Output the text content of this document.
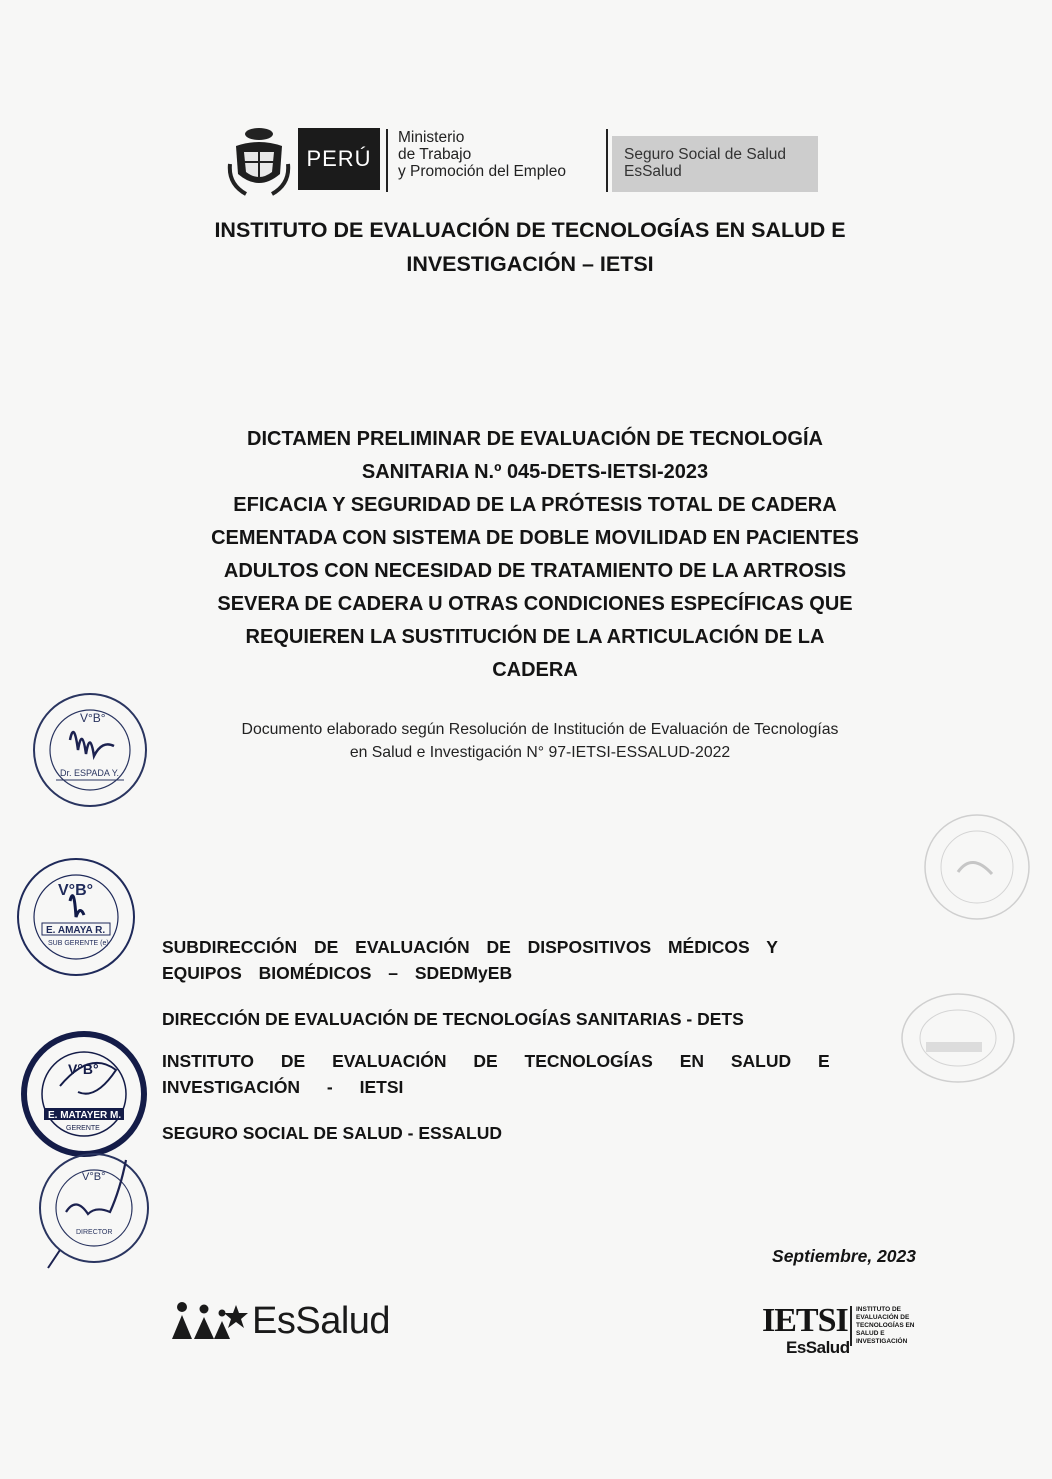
PERÚ
Ministerio
de Trabajo
y Promoción del Empleo
Seguro Social de Salud
EsSalud
INSTITUTO DE EVALUACIÓN DE TECNOLOGÍAS EN SALUD E
INVESTIGACIÓN – IETSI
DICTAMEN PRELIMINAR DE EVALUACIÓN DE TECNOLOGÍA
SANITARIA N.º 045-DETS-IETSI-2023
EFICACIA Y SEGURIDAD DE LA PRÓTESIS TOTAL DE CADERA
CEMENTADA CON SISTEMA DE DOBLE MOVILIDAD EN PACIENTES
ADULTOS CON NECESIDAD DE TRATAMIENTO DE LA ARTROSIS
SEVERA DE CADERA U OTRAS CONDICIONES ESPECÍFICAS QUE
REQUIEREN LA SUSTITUCIÓN DE LA ARTICULACIÓN DE LA
CADERA
Documento elaborado según Resolución de Institución de Evaluación de Tecnologías
en Salud e Investigación N° 97-IETSI-ESSALUD-2022
SUBDIRECCIÓN DE EVALUACIÓN DE DISPOSITIVOS MÉDICOS Y
EQUIPOS BIOMÉDICOS – SDEDMyEB
DIRECCIÓN DE EVALUACIÓN DE TECNOLOGÍAS SANITARIAS - DETS
INSTITUTO DE EVALUACIÓN DE TECNOLOGÍAS EN SALUD E
INVESTIGACIÓN - IETSI
SEGURO SOCIAL DE SALUD - ESSALUD
Septiembre, 2023
EsSalud	IETSI
EsSalud
INSTITUTO DE
EVALUACIÓN DE
TECNOLOGÍAS EN
SALUD E
INVESTIGACIÓN
V°B°
Dr. ESPADA Y.
V°B°
E. AMAYA R.
SUB GERENTE (e)
V°B°
E. MATAYER M.
GERENTE
V°B°
DIRECTOR
